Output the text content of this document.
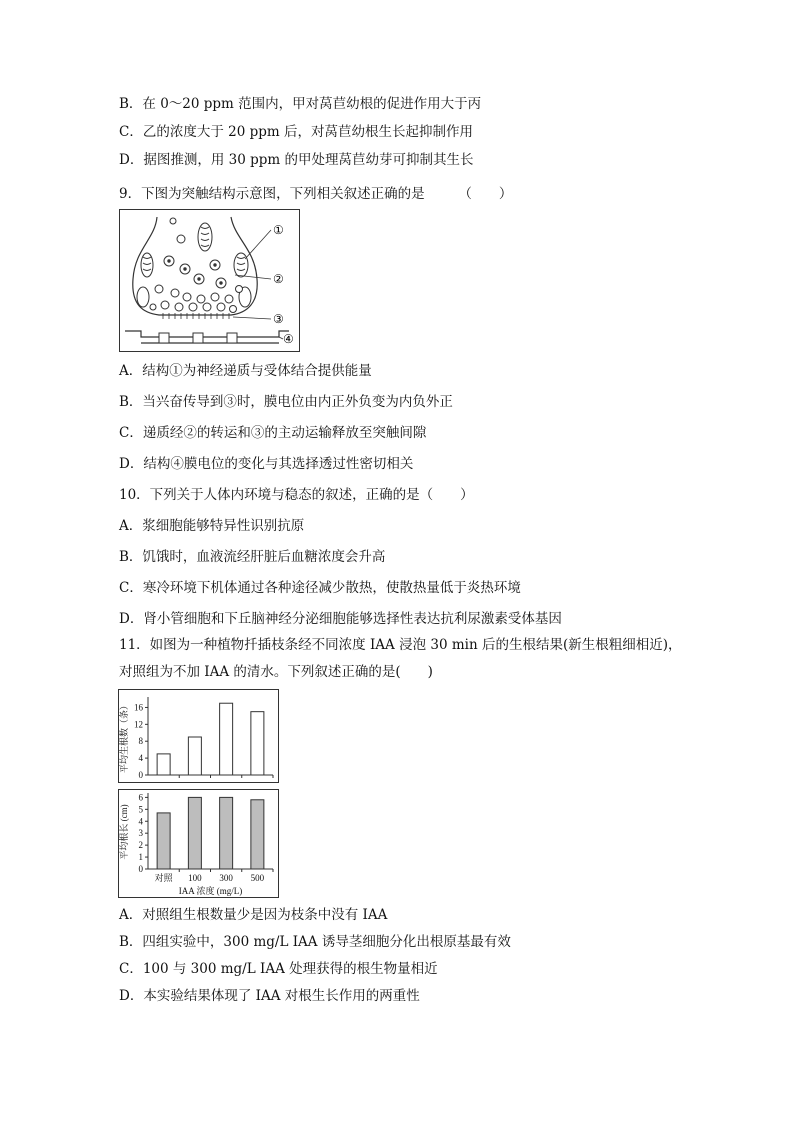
B．在 0～20 ppm 范围内，甲对莴苣幼根的促进作用大于丙
C．乙的浓度大于 20 ppm 后，对莴苣幼根生长起抑制作用
D．据图推测，用 30 ppm 的甲处理莴苣幼芽可抑制其生长
9．下图为突触结构示意图，下列相关叙述正确的是　　　（　　）
①
②
③
④
A．结构①为神经递质与受体结合提供能量
B．当兴奋传导到③时，膜电位由内正外负变为内负外正
C．递质经②的转运和③的主动运输释放至突触间隙
D．结构④膜电位的变化与其选择透过性密切相关
10．下列关于人体内环境与稳态的叙述，正确的是（　　）
A．浆细胞能够特异性识别抗原
B．饥饿时，血液流经肝脏后血糖浓度会升高
C．寒冷环境下机体通过各种途径减少散热，使散热量低于炎热环境
D．肾小管细胞和下丘脑神经分泌细胞能够选择性表达抗利尿激素受体基因
11．如图为一种植物扦插枝条经不同浓度 IAA 浸泡 30 min 后的生根结果(新生根粗细相近)，
对照组为不加 IAA 的清水。下列叙述正确的是(　　)
0
4
8
12
16
平均生根数（条）
0
1
2
3
4
5
6
平均根长 (cm)
对照 100 300 500
IAA 浓度 (mg/L)
A．对照组生根数量少是因为枝条中没有 IAA
B．四组实验中，300 mg/L IAA 诱导茎细胞分化出根原基最有效
C．100 与 300 mg/L IAA 处理获得的根生物量相近
D．本实验结果体现了 IAA 对根生长作用的两重性
